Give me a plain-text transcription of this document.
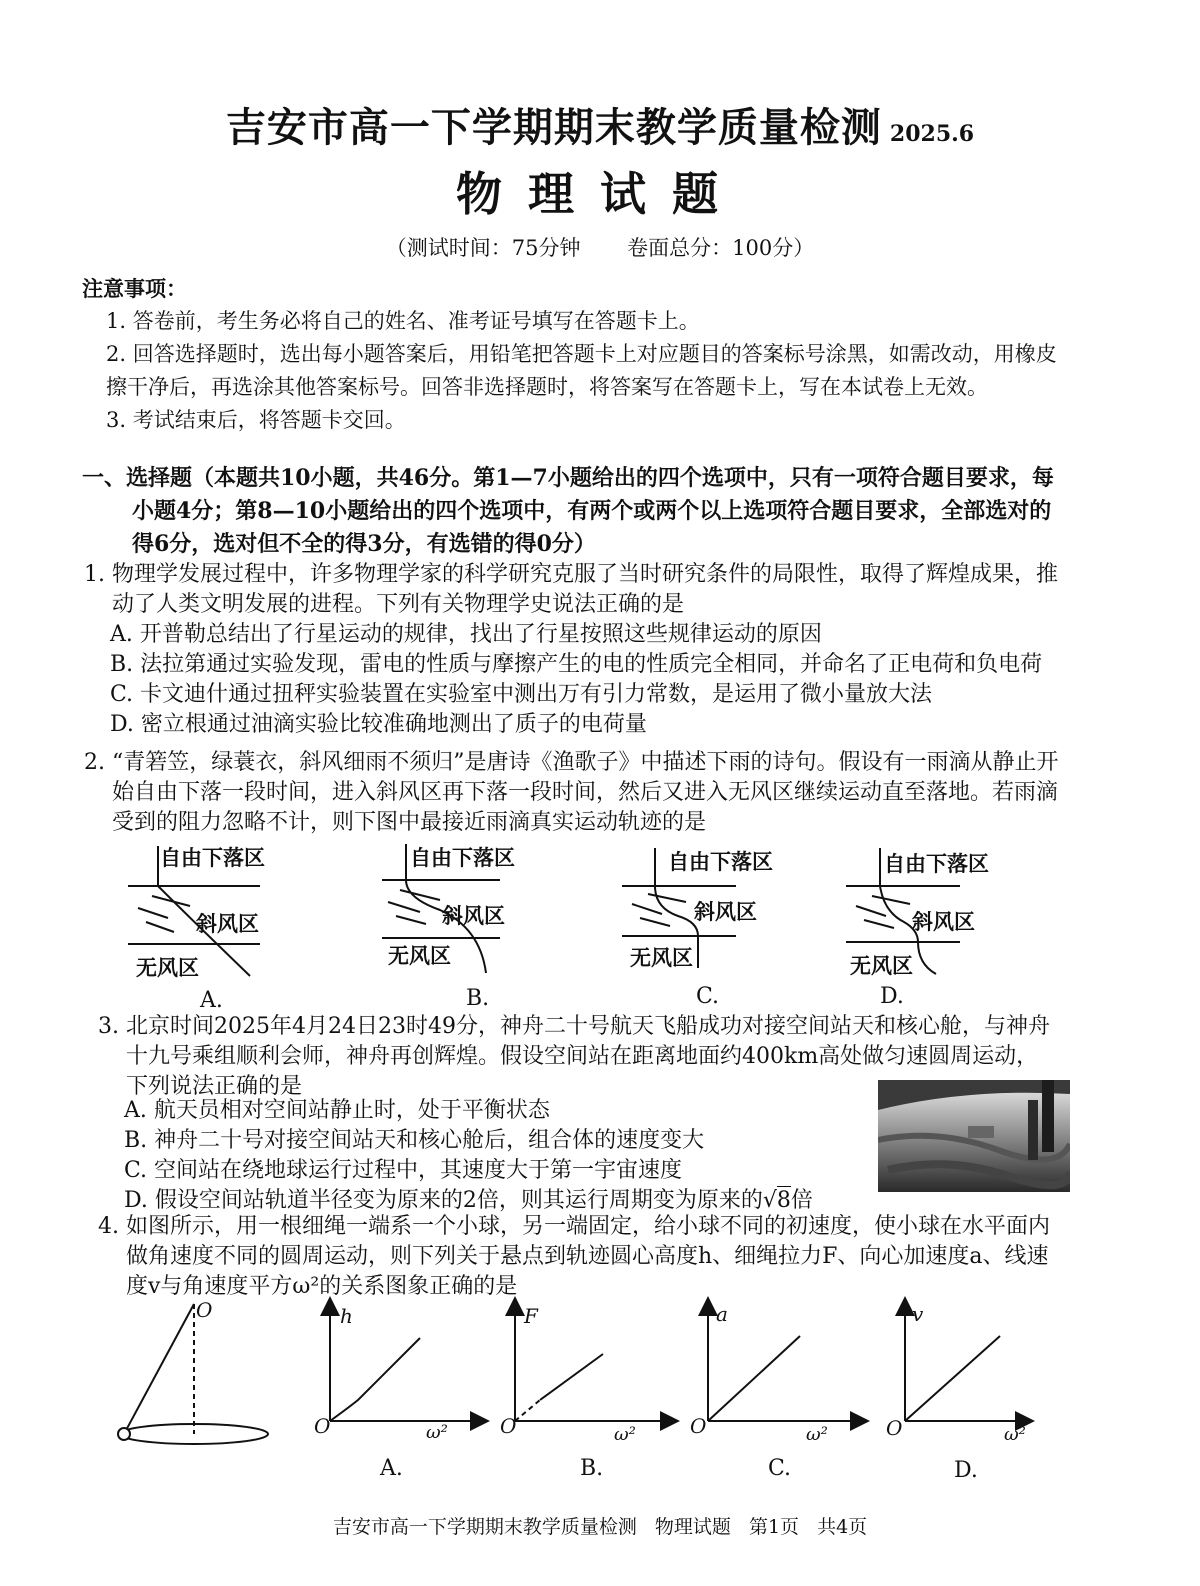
吉安市高一下学期期末教学质量检测 2025.6
物理试题
（测试时间：75分钟 卷面总分：100分）
注意事项：
1. 答卷前，考生务必将自己的姓名、准考证号填写在答题卡上。
2. 回答选择题时，选出每小题答案后，用铅笔把答题卡上对应题目的答案标号涂黑，如需改动，用橡皮擦干净后，再选涂其他答案标号。回答非选择题时，将答案写在答题卡上，写在本试卷上无效。
3. 考试结束后，将答题卡交回。
一、选择题（本题共10小题，共46分。第1—7小题给出的四个选项中，只有一项符合题目要求，每小题4分；第8—10小题给出的四个选项中，有两个或两个以上选项符合题目要求，全部选对的得6分，选对但不全的得3分，有选错的得0分）
1. 物理学发展过程中，许多物理学家的科学研究克服了当时研究条件的局限性，取得了辉煌成果，推动了人类文明发展的进程。下列有关物理学史说法正确的是
A. 开普勒总结出了行星运动的规律，找出了行星按照这些规律运动的原因
B. 法拉第通过实验发现，雷电的性质与摩擦产生的电的性质完全相同，并命名了正电荷和负电荷
C. 卡文迪什通过扭秤实验装置在实验室中测出万有引力常数，是运用了微小量放大法
D. 密立根通过油滴实验比较准确地测出了质子的电荷量
2. “青箬笠，绿蓑衣，斜风细雨不须归”是唐诗《渔歌子》中描述下雨的诗句。假设有一雨滴从静止开始自由下落一段时间，进入斜风区再下落一段时间，然后又进入无风区继续运动直至落地。若雨滴受到的阻力忽略不计，则下图中最接近雨滴真实运动轨迹的是
自由下落区
斜风区
无风区
自由下落区
斜风区
无风区
自由下落区
斜风区
无风区
自由下落区
斜风区
无风区
A.	B.	C.	D.
3. 北京时间2025年4月24日23时49分，神舟二十号航天飞船成功对接空间站天和核心舱，与神舟十九号乘组顺利会师，神舟再创辉煌。假设空间站在距离地面约400km高处做匀速圆周运动，下列说法正确的是
A. 航天员相对空间站静止时，处于平衡状态
B. 神舟二十号对接空间站天和核心舱后，组合体的速度变大
C. 空间站在绕地球运行过程中，其速度大于第一宇宙速度
D. 假设空间站轨道半径变为原来的2倍，则其运行周期变为原来的√8倍
4. 如图所示，用一根细绳一端系一个小球，另一端固定，给小球不同的初速度，使小球在水平面内做角速度不同的圆周运动，则下列关于悬点到轨迹圆心高度h、细绳拉力F、向心加速度a、线速度v与角速度平方ω²的关系图象正确的是
O	h	F	a	v
O	O	O	O
ω²	ω²	ω²	ω²
A.	B.	C.	D.
吉安市高一下学期期末教学质量检测 物理试题 第1页 共4页
